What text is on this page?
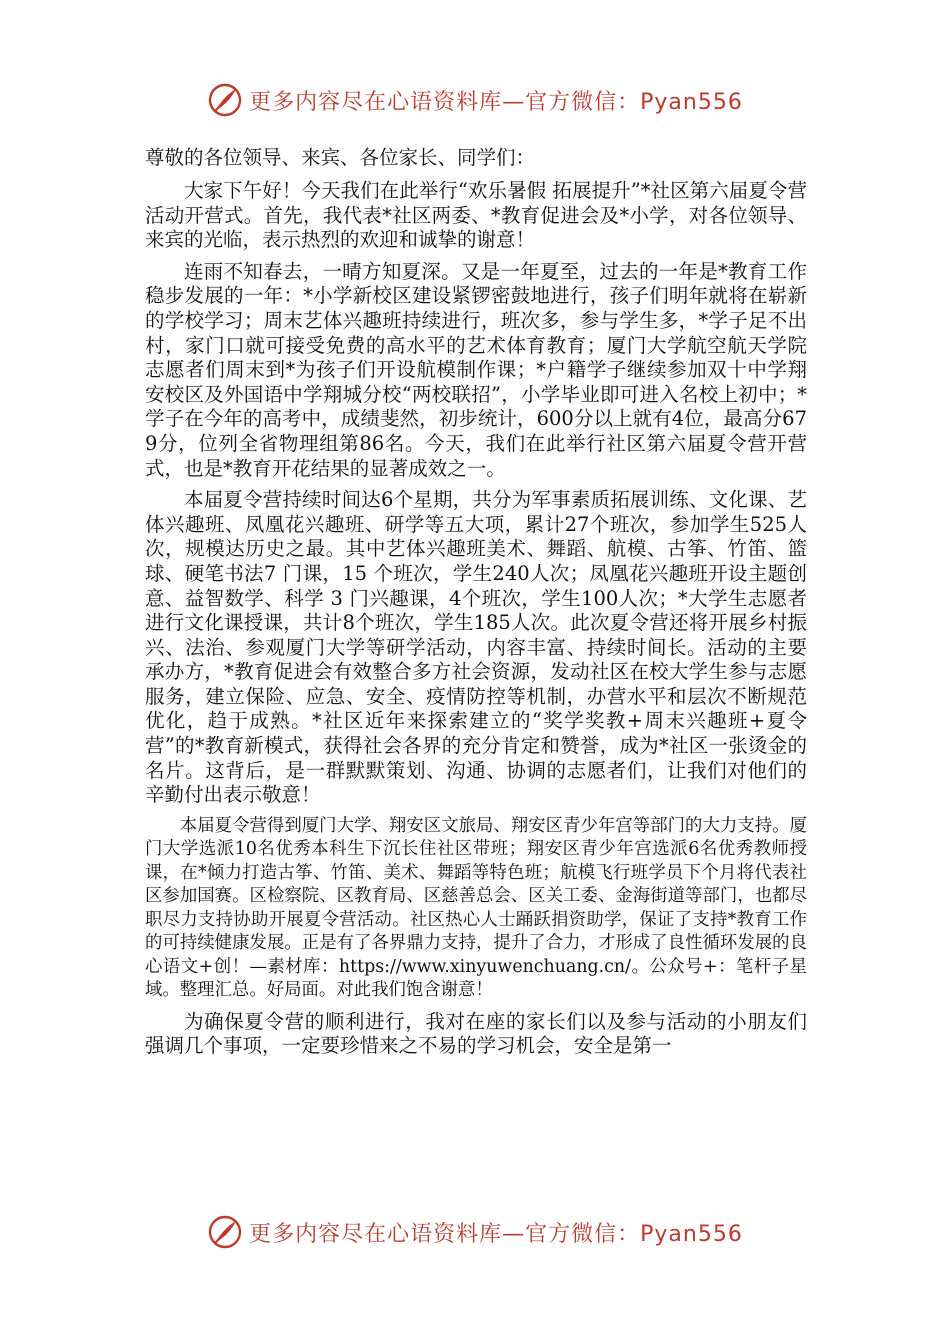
更多内容尽在心语资料库—官方微信：Pyan556

尊敬的各位领导、来宾、各位家长、同学们：

大家下午好！今天我们在此举行“欢乐暑假 拓展提升”*社区第六届夏令营活动开营式。首先，我代表*社区两委、*教育促进会及*小学，对各位领导、来宾的光临，表示热烈的欢迎和诚挚的谢意！

连雨不知春去，一晴方知夏深。又是一年夏至，过去的一年是*教育工作稳步发展的一年：*小学新校区建设紧锣密鼓地进行，孩子们明年就将在崭新的学校学习；周末艺体兴趣班持续进行，班次多，参与学生多，*学子足不出村，家门口就可接受免费的高水平的艺术体育教育；厦门大学航空航天学院志愿者们周末到*为孩子们开设航模制作课；*户籍学子继续参加双十中学翔安校区及外国语中学翔城分校“两校联招”，小学毕业即可进入名校上初中；*学子在今年的高考中，成绩斐然，初步统计，600分以上就有4位，最高分679分，位列全省物理组第86名。今天，我们在此举行社区第六届夏令营开营式，也是*教育开花结果的显著成效之一。

本届夏令营持续时间达6个星期，共分为军事素质拓展训练、文化课、艺体兴趣班、凤凰花兴趣班、研学等五大项，累计27个班次，参加学生525人次，规模达历史之最。其中艺体兴趣班美术、舞蹈、航模、古筝、竹笛、篮球、硬笔书法7 门课，15 个班次，学生240人次；凤凰花兴趣班开设主题创意、益智数学、科学 3 门兴趣课，4个班次，学生100人次；*大学生志愿者进行文化课授课，共计8个班次，学生185人次。此次夏令营还将开展乡村振兴、法治、参观厦门大学等研学活动，内容丰富、持续时间长。活动的主要承办方，*教育促进会有效整合多方社会资源，发动社区在校大学生参与志愿服务，建立保险、应急、安全、疫情防控等机制，办营水平和层次不断规范优化，趋于成熟。*社区近年来探索建立的“奖学奖教+周末兴趣班+夏令营”的*教育新模式，获得社会各界的充分肯定和赞誉，成为*社区一张烫金的名片。这背后，是一群默默策划、沟通、协调的志愿者们，让我们对他们的辛勤付出表示敬意！

本届夏令营得到厦门大学、翔安区文旅局、翔安区青少年宫等部门的大力支持。厦门大学选派10名优秀本科生下沉长住社区带班；翔安区青少年宫选派6名优秀教师授课，在*倾力打造古筝、竹笛、美术、舞蹈等特色班；航模飞行班学员下个月将代表社区参加国赛。区检察院、区教育局、区慈善总会、区关工委、金海街道等部门，也都尽职尽力支持协助开展夏令营活动。社区热心人士踊跃捐资助学，保证了支持*教育工作的可持续健康发展。正是有了各界鼎力支持，提升了合力，才形成了良性循环发展的良心语文+创！—素材库：https://www.xinyuwenchuang.cn/。公众号+：笔杆子星域。整理汇总。好局面。对此我们饱含谢意！

为确保夏令营的顺利进行，我对在座的家长们以及参与活动的小朋友们强调几个事项，一定要珍惜来之不易的学习机会，安全是第一

更多内容尽在心语资料库—官方微信：Pyan556
